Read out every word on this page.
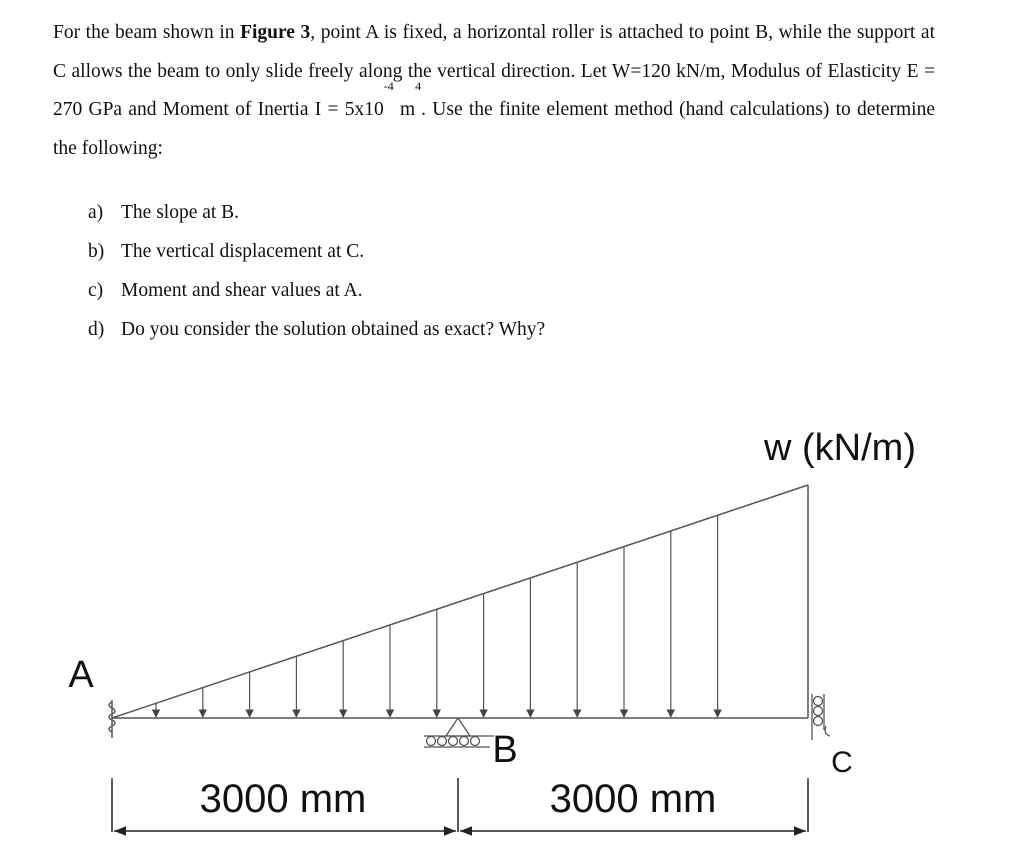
For the beam shown in Figure 3, point A is fixed, a horizontal roller is attached to point B, while the support at C allows the beam to only slide freely along the vertical direction. Let W=120 kN/m, Modulus of Elasticity E = 270 GPa and Moment of Inertia $I = 5x10^{-4}$ $m^4$. Use the finite element method (hand calculations) to determine the following:
a) The slope at B.
b) The vertical displacement at C.
c) Moment and shear values at A.
d) Do you consider the solution obtained as exact? Why?
w (kN/m)
A
B	C
3000 mm	3000 mm
